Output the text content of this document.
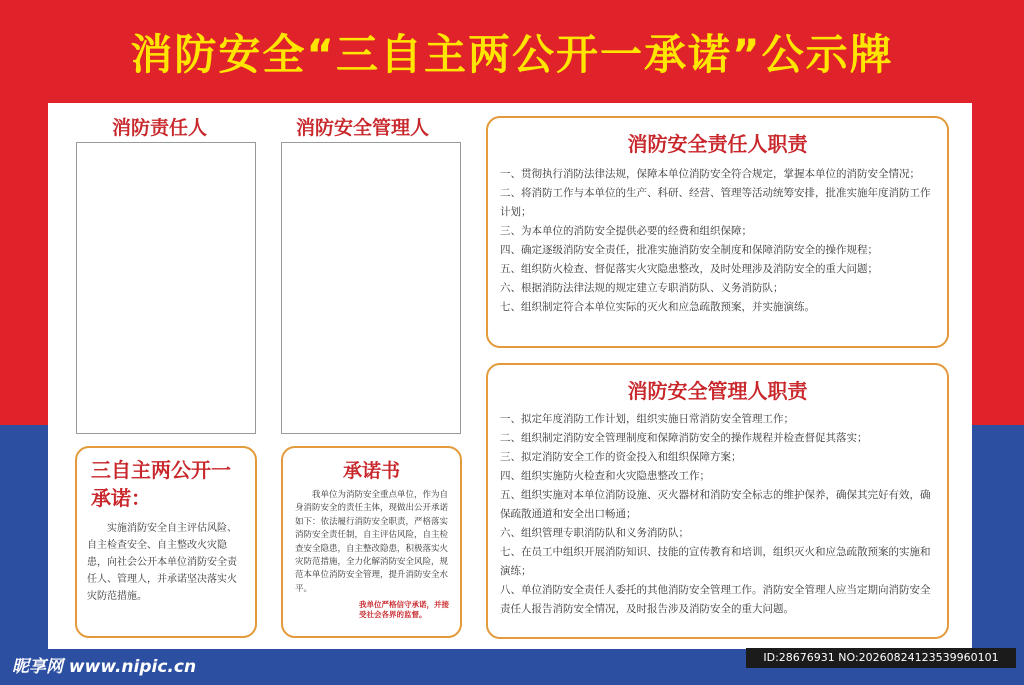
消防安全“三自主两公开一承诺”公示牌
消防责任人	消防安全管理人
消防安全责任人职责
一、贯彻执行消防法律法规，保障本单位消防安全符合规定，掌握本单位的消防安全情况；
二、将消防工作与本单位的生产、科研、经营、管理等活动统筹安排，批准实施年度消防工作计划；
三、为本单位的消防安全提供必要的经费和组织保障；
四、确定逐级消防安全责任，批准实施消防安全制度和保障消防安全的操作规程；
五、组织防火检查、督促落实火灾隐患整改，及时处理涉及消防安全的重大问题；
六、根据消防法律法规的规定建立专职消防队、义务消防队；
七、组织制定符合本单位实际的灭火和应急疏散预案，并实施演练。
消防安全管理人职责
一、拟定年度消防工作计划，组织实施日常消防安全管理工作；
二、组织制定消防安全管理制度和保障消防安全的操作规程并检查督促其落实；
三、拟定消防安全工作的资金投入和组织保障方案；
四、组织实施防火检查和火灾隐患整改工作；
五、组织实施对本单位消防设施、灭火器材和消防安全标志的维护保养，确保其完好有效，确保疏散通道和安全出口畅通；
六、组织管理专职消防队和义务消防队；
七、在员工中组织开展消防知识、技能的宣传教育和培训，组织灭火和应急疏散预案的实施和演练；
八、单位消防安全责任人委托的其他消防安全管理工作。消防安全管理人应当定期向消防安全责任人报告消防安全情况，及时报告涉及消防安全的重大问题。
三自主两公开一承诺：
实施消防安全自主评估风险、自主检查安全、自主整改火灾隐患，向社会公开本单位消防安全责任人、管理人，并承诺坚决落实火灾防范措施。
承诺书
我单位为消防安全重点单位，作为自身消防安全的责任主体，现做出公开承诺如下：依法履行消防安全职责，严格落实消防安全责任制，自主评估风险，自主检查安全隐患，自主整改隐患，积极落实火灾防范措施，全力化解消防安全风险，规范本单位消防安全管理，提升消防安全水平。
我单位严格信守承诺，并接受社会各界的监督。
昵享网 www.nipic.cn	ID:28676931 NO:20260824123539960101
